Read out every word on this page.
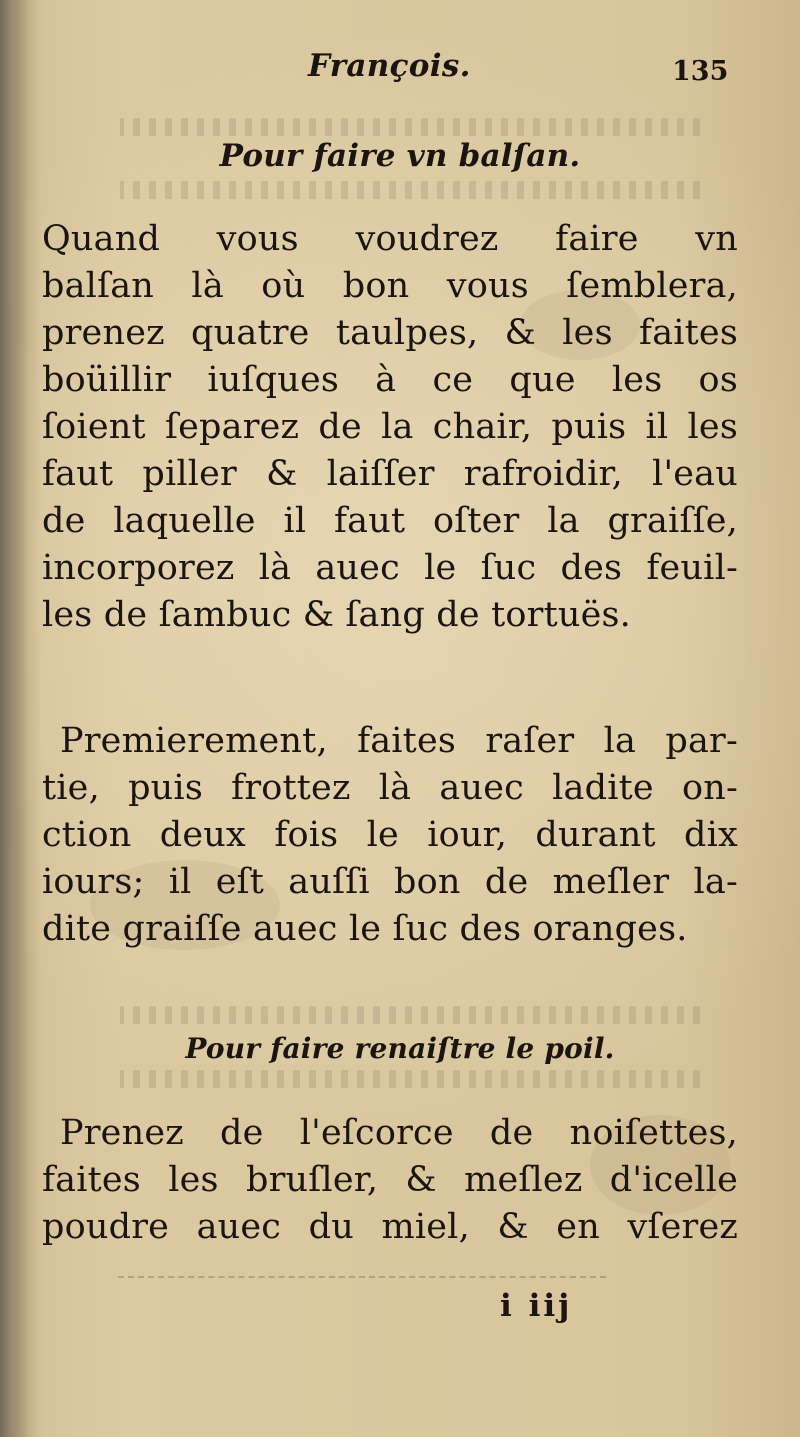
François.	135
Pour faire vn balſan.
Quand vous voudrez faire vn
balſan là où bon vous ſemblera,
prenez quatre taulpes, & les faites
boüillir iuſques à ce que les os
ſoient ſeparez de la chair, puis il les
faut piller & laiſſer rafroidir, l'eau
de laquelle il faut oſter la graiſſe,
incorporez là auec le ſuc des feuil-
les de ſambuc & ſang de tortuës.
Premierement, faites raſer la par-
tie, puis frottez là auec ladite on-
ction deux fois le iour, durant dix
iours; il eſt auſſi bon de meſler la-
dite graiſſe auec le ſuc des oranges.
Pour faire renaiſtre le poil.
Prenez de l'eſcorce de noiſettes,
faites les bruſler, & meſlez d'icelle
poudre auec du miel, & en vſerez
i iij
